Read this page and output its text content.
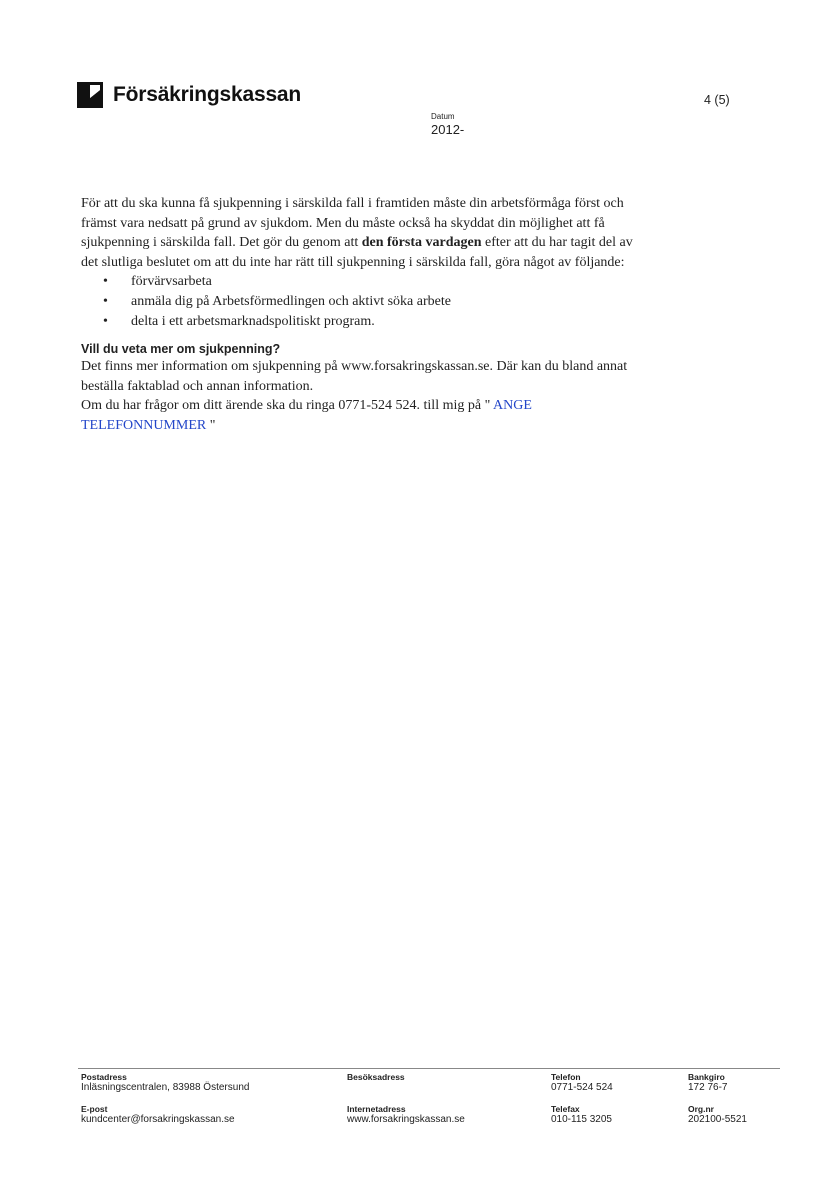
Försäkringskassan	4 (5)
Datum
2012-

För att du ska kunna få sjukpenning i särskilda fall i framtiden måste din arbetsförmåga först och främst vara nedsatt på grund av sjukdom. Men du måste också ha skyddat din möjlighet att få sjukpenning i särskilda fall. Det gör du genom att den första vardagen efter att du har tagit del av det slutliga beslutet om att du inte har rätt till sjukpenning i särskilda fall, göra något av följande:

• förvärvsarbeta
• anmäla dig på Arbetsförmedlingen och aktivt söka arbete
• delta i ett arbetsmarknadspolitiskt program.
Vill du veta mer om sjukpenning?

Det finns mer information om sjukpenning på www.forsakringskassan.se. Där kan du bland annat beställa faktablad och annan information.

Om du har frågor om ditt ärende ska du ringa 0771-524 524. till mig på " ANGE TELEFONNUMMER "

Postadress
Inläsningscentralen, 83988 Östersund
E-post
kundcenter@forsakringskassan.se
Besöksadress
Internetadress
www.forsakringskassan.se
Telefon
0771-524 524
Telefax
010-115 3205
Bankgiro
172 76-7
Org.nr
202100-5521
